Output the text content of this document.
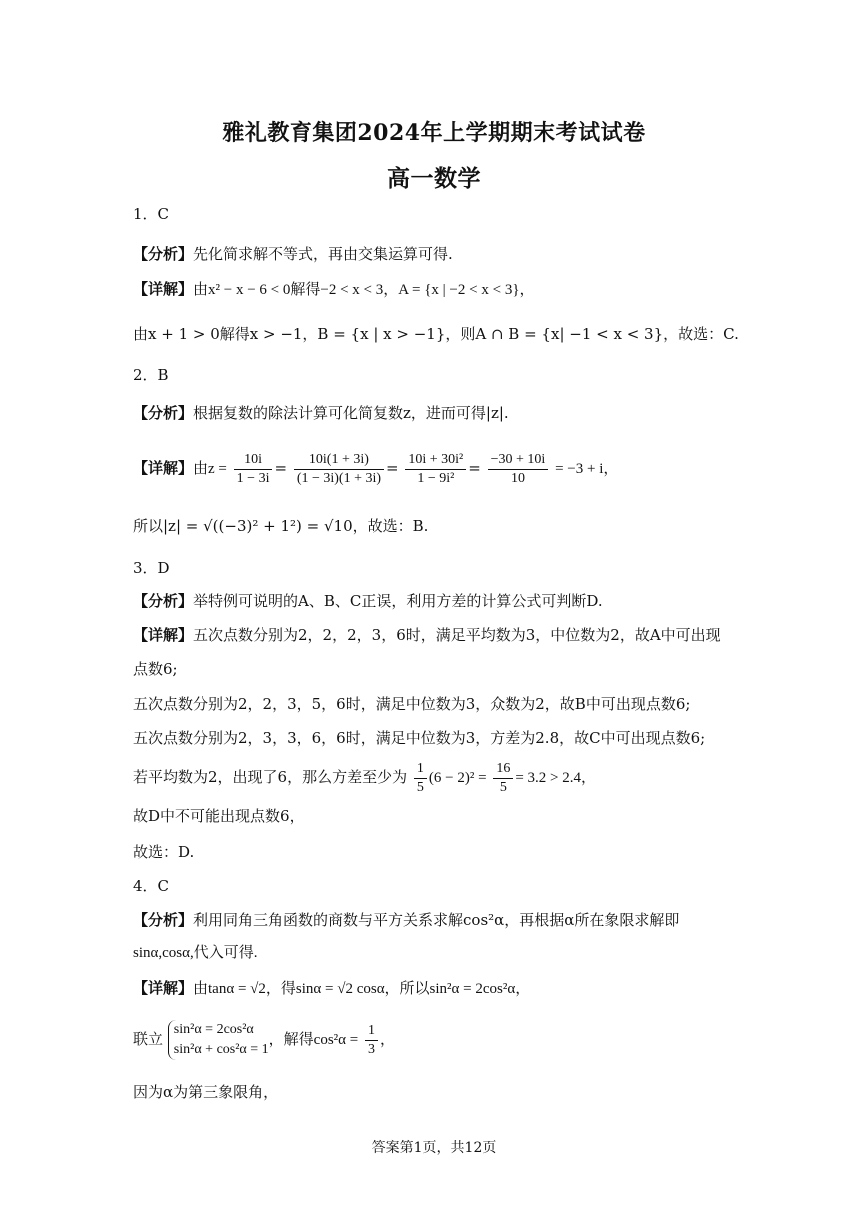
雅礼教育集团2024年上学期期末考试试卷
高一数学
1．C
【分析】先化简求解不等式，再由交集运算可得.
【详解】由x² − x − 6 < 0解得−2 < x < 3，A = {x | −2 < x < 3}，
由x + 1 > 0解得x > −1，B = {x | x > −1}，则A ∩ B = {x| −1 < x < 3}，故选：C.
2．B
【分析】根据复数的除法计算可化简复数z，进而可得|z|.
【详解】由$z = \frac{10i}{1 - 3i} = \frac{10i(1 + 3i)}{(1 - 3i)(1 + 3i)} = \frac{\text{10i + 30i²}}{\text{1 − 9i²}} = \frac{-30 + 10i}{10} = -3 + i$，
所以|z| = √((−3)² + 1²) = √10，故选：B.
3．D
【分析】举特例可说明的A、B、C正误，利用方差的计算公式可判断D.
【详解】五次点数分别为2，2，2，3，6时，满足平均数为3，中位数为2，故A中可出现
点数6;
五次点数分别为2，2，3，5，6时，满足中位数为3，众数为2，故B中可出现点数6;
五次点数分别为2，3，3，6，6时，满足中位数为3，方差为2.8，故C中可出现点数6;
若平均数为2，出现了6，那么方差至少为 $\frac{1}{5} (6 - 2)^2 = \frac{16}{5} = 3.2 > 2.4$，
故D中不可能出现点数6，
故选：D.
4．C
【分析】利用同角三角函数的商数与平方关系求解cos²α，再根据α所在象限求解即
sinα,cosα,代入可得.
【详解】由tanα = √2，得sinα = √2 cosα，所以sin²α = 2cos²α，
联立
sin²α = 2cos²α
sin²α + cos²α = 1
，解得$\cos^2\alpha = \frac{1}{3}$ ，
因为α为第三象限角，
答案第1页，共12页
